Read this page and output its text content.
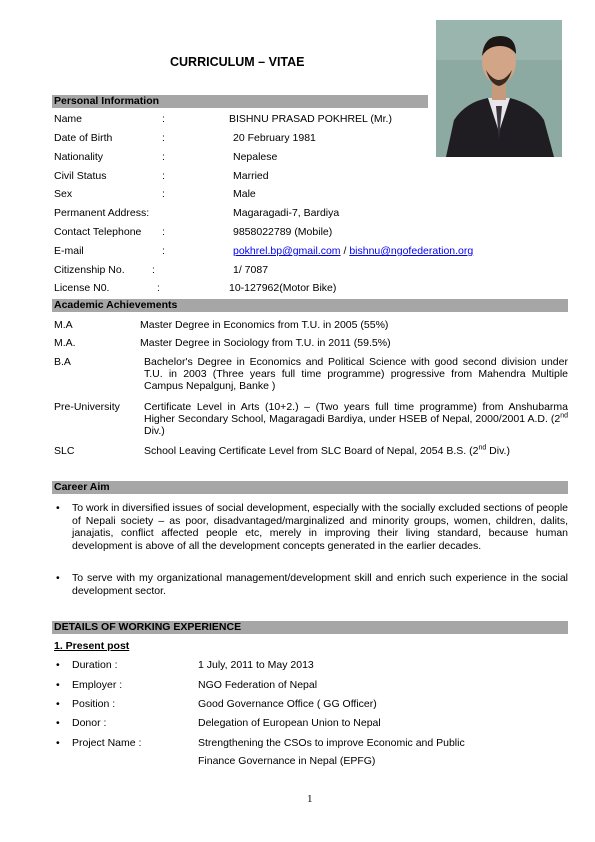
CURRICULUM – VITAE
Personal Information
Name	:	BISHNU PRASAD POKHREL (Mr.)
Date of Birth	:	20 February 1981
Nationality	:	Nepalese
Civil Status	:	Married
Sex	:	Male
Permanent Address:	Magaragadi-7, Bardiya
Contact Telephone :	9858022789 (Mobile)
E-mail	:	pokhrel.bp@gmail.com / bishnu@ngofederation.org
Citizenship No.	:	1/ 7087
License N0.	:	10-127962(Motor Bike)
Academic Achievements
M.A	Master Degree in Economics from T.U. in 2005 (55%)
M.A.	Master Degree in Sociology from T.U. in 2011 (59.5%)
B.A	Bachelor's Degree in Economics and Political Science with good second division under T.U. in 2003 (Three years full time programme) progressive from Mahendra Multiple Campus Nepalgunj, Banke )
Pre-University Certificate Level in Arts (10+2.) – (Two years full time programme) from Anshubarma Higher Secondary School, Magaragadi Bardiya, under HSEB of Nepal, 2000/2001 A.D. (2nd Div.)
SLC	School Leaving Certificate Level from SLC Board of Nepal, 2054 B.S. (2nd Div.)
Career Aim
• To work in diversified issues of social development, especially with the socially excluded sections of people of Nepali society – as poor, disadvantaged/marginalized and minority groups, women, children, dalits, janajatis, conflict affected people etc, merely in improving their living standard, because human development is above of all the development concepts generated in the earlier decades.
• To serve with my organizational management/development skill and enrich such experience in the social development sector.
DETAILS OF WORKING EXPERIENCE
1. Present post
• Duration :	1 July, 2011 to May 2013
• Employer :	NGO Federation of Nepal
• Position :	Good Governance Office ( GG Officer)
• Donor :	Delegation of European Union to Nepal
• Project Name :	Strengthening the CSOs to improve Economic and Public
Finance Governance in Nepal (EPFG)
1
